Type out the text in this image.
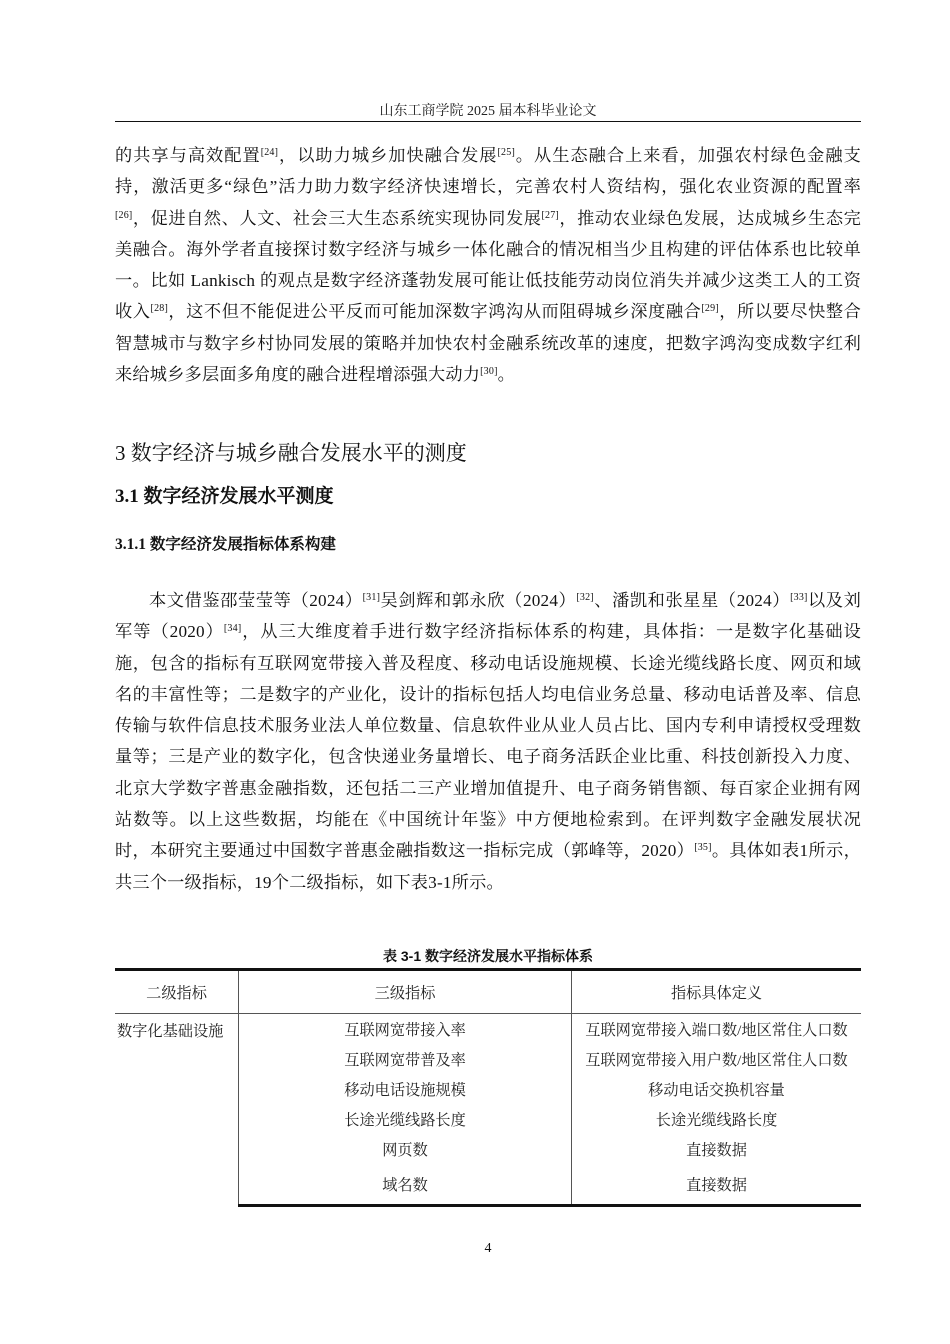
山东工商学院 2025 届本科毕业论文

的共享与高效配置[24]，以助力城乡加快融合发展[25]。从生态融合上来看，加强农村绿色金融支持，激活更多“绿色”活力助力数字经济快速增长，完善农村人资结构，强化农业资源的配置率[26]，促进自然、人文、社会三大生态系统实现协同发展[27]，推动农业绿色发展，达成城乡生态完美融合。海外学者直接探讨数字经济与城乡一体化融合的情况相当少且构建的评估体系也比较单一。比如 Lankisch 的观点是数字经济蓬勃发展可能让低技能劳动岗位消失并减少这类工人的工资收入[28]，这不但不能促进公平反而可能加深数字鸿沟从而阻碍城乡深度融合[29]，所以要尽快整合智慧城市与数字乡村协同发展的策略并加快农村金融系统改革的速度，把数字鸿沟变成数字红利来给城乡多层面多角度的融合进程增添强大动力[30]。

3 数字经济与城乡融合发展水平的测度
3.1 数字经济发展水平测度
3.1.1 数字经济发展指标体系构建

本文借鉴邵莹莹等（2024）[31]吴剑辉和郭永欣（2024）[32]、潘凯和张星星（2024）[33]以及刘军等（2020）[34]，从三大维度着手进行数字经济指标体系的构建，具体指：一是数字化基础设施，包含的指标有互联网宽带接入普及程度、移动电话设施规模、长途光缆线路长度、网页和域名的丰富性等；二是数字的产业化，设计的指标包括人均电信业务总量、移动电话普及率、信息传输与软件信息技术服务业法人单位数量、信息软件业从业人员占比、国内专利申请授权受理数量等；三是产业的数字化，包含快递业务量增长、电子商务活跃企业比重、科技创新投入力度、北京大学数字普惠金融指数，还包括二三产业增加值提升、电子商务销售额、每百家企业拥有网站数等。以上这些数据，均能在《中国统计年鉴》中方便地检索到。在评判数字金融发展状况时，本研究主要通过中国数字普惠金融指数这一指标完成（郭峰等，2020）[35]。具体如表1所示，共三个一级指标，19个二级指标，如下表3-1所示。

表 3-1 数字经济发展水平指标体系
二级指标	三级指标	指标具体定义
数字化基础设施	互联网宽带接入率	互联网宽带接入端口数/地区常住人口数
	互联网宽带普及率	互联网宽带接入用户数/地区常住人口数
	移动电话设施规模	移动电话交换机容量
	长途光缆线路长度	长途光缆线路长度
	网页数	直接数据
	域名数	直接数据
4
